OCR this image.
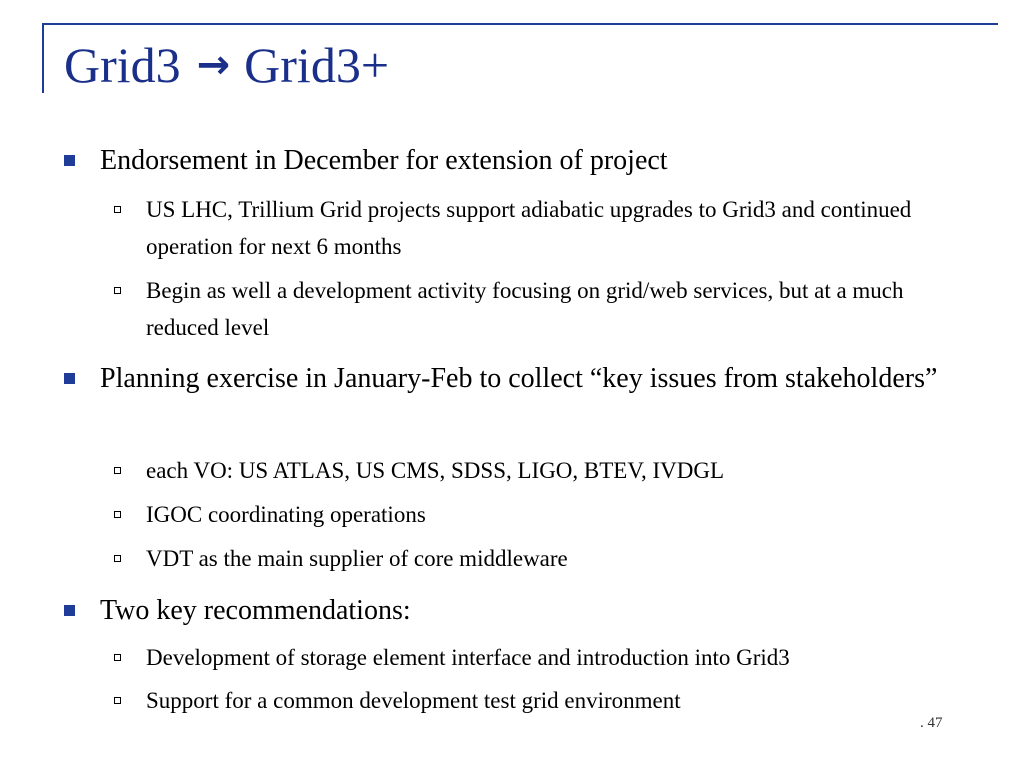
Grid3 → Grid3+
Endorsement in December for extension of project
US LHC, Trillium Grid projects support adiabatic upgrades to Grid3 and continued operation for next 6 months
Begin as well a development activity focusing on grid/web services, but at a much reduced level
Planning exercise in January-Feb to collect “key issues from stakeholders”
each VO: US ATLAS, US CMS, SDSS, LIGO, BTEV, IVDGL
IGOC coordinating operations
VDT as the main supplier of core middleware
Two key recommendations:
Development of storage element interface and introduction into Grid3
Support for a common development test grid environment
. 47
